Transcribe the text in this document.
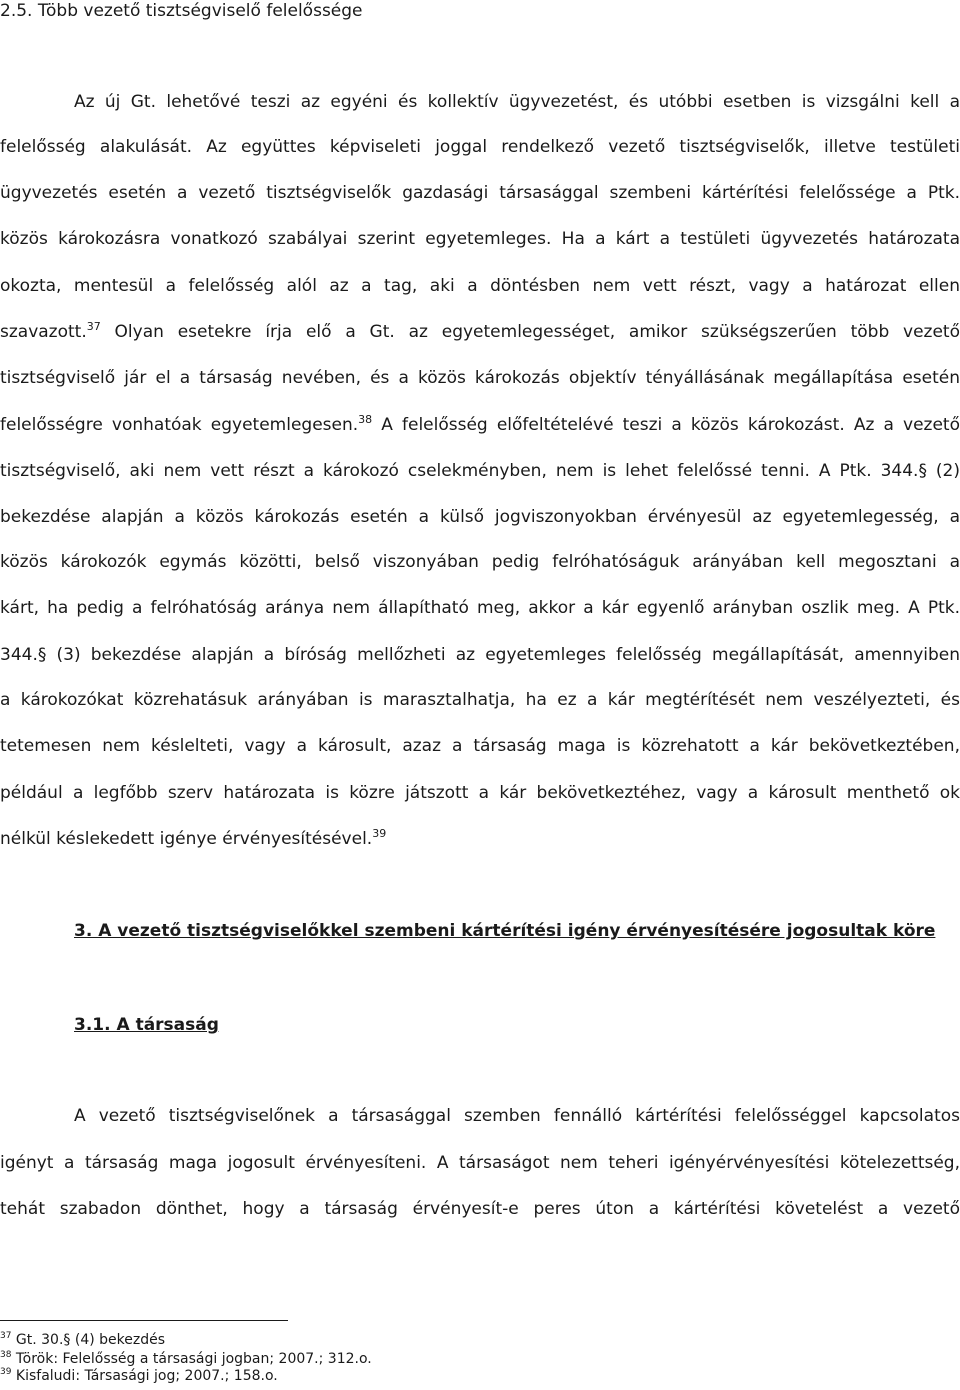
2.5. Több vezető tisztségviselő felelőssége
Az új Gt. lehetővé teszi az egyéni és kollektív ügyvezetést, és utóbbi esetben is vizsgálni kell a
felelősség alakulását. Az együttes képviseleti joggal rendelkező vezető tisztségviselők, illetve testületi
ügyvezetés esetén a vezető tisztségviselők gazdasági társasággal szembeni kártérítési felelőssége a Ptk.
közös károkozásra vonatkozó szabályai szerint egyetemleges. Ha a kárt a testületi ügyvezetés határozata
okozta, mentesül a felelősség alól az a tag, aki a döntésben nem vett részt, vagy a határozat ellen
szavazott.$^{37}$ Olyan esetekre írja elő a Gt. az egyetemlegességet, amikor szükségszerűen több vezető
tisztségviselő jár el a társaság nevében, és a közös károkozás objektív tényállásának megállapítása esetén
felelősségre vonhatóak egyetemlegesen.$^{38}$ A felelősség előfeltételévé teszi a közös károkozást. Az a vezető
tisztségviselő, aki nem vett részt a károkozó cselekményben, nem is lehet felelőssé tenni. A Ptk. 344.§ (2)
bekezdése alapján a közös károkozás esetén a külső jogviszonyokban érvényesül az egyetemlegesség, a
közös károkozók egymás közötti, belső viszonyában pedig felróhatóságuk arányában kell megosztani a
kárt, ha pedig a felróhatóság aránya nem állapítható meg, akkor a kár egyenlő arányban oszlik meg. A Ptk.
344.§ (3) bekezdése alapján a bíróság mellőzheti az egyetemleges felelősség megállapítását, amennyiben
a károkozókat közrehatásuk arányában is marasztalhatja, ha ez a kár megtérítését nem veszélyezteti, és
tetemesen nem késlelteti, vagy a károsult, azaz a társaság maga is közrehatott a kár bekövetkeztében,
például a legfőbb szerv határozata is közre játszott a kár bekövetkeztéhez, vagy a károsult menthető ok
nélkül késlekedett igénye érvényesítésével.$^{39}$
3. A vezető tisztségviselőkkel szembeni kártérítési igény érvényesítésére jogosultak köre
3.1. A társaság
A vezető tisztségviselőnek a társasággal szemben fennálló kártérítési felelősséggel kapcsolatos
igényt a társaság maga jogosult érvényesíteni. A társaságot nem teheri igényérvényesítési kötelezettség,
tehát szabadon dönthet, hogy a társaság érvényesít-e peres úton a kártérítési követelést a vezető
$^{37}$ Gt. 30.§ (4) bekezdés
$^{38}$ Török: Felelősség a társasági jogban; 2007.; 312.o.
$^{39}$ Kisfaludi: Társasági jog; 2007.; 158.o.
